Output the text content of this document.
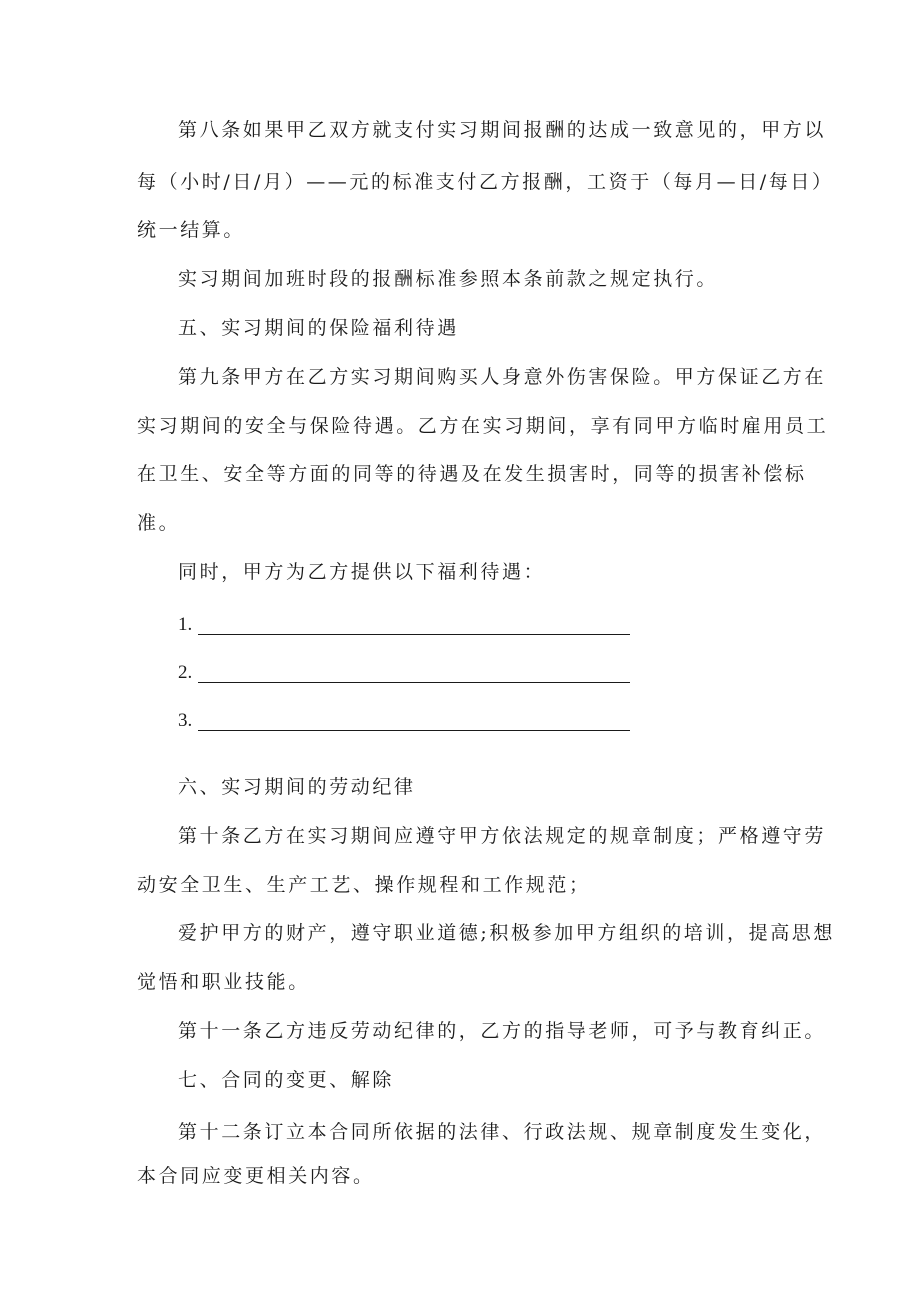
第八条如果甲乙双方就支付实习期间报酬的达成一致意见的，甲方以
每（小时/日/月）——元的标准支付乙方报酬，工资于（每月—日/每日）
统一结算。
实习期间加班时段的报酬标准参照本条前款之规定执行。
五、实习期间的保险福利待遇
第九条甲方在乙方实习期间购买人身意外伤害保险。甲方保证乙方在
实习期间的安全与保险待遇。乙方在实习期间，享有同甲方临时雇用员工
在卫生、安全等方面的同等的待遇及在发生损害时，同等的损害补偿标
准。
同时，甲方为乙方提供以下福利待遇：
1.
2.
3.
六、实习期间的劳动纪律
第十条乙方在实习期间应遵守甲方依法规定的规章制度；严格遵守劳
动安全卫生、生产工艺、操作规程和工作规范；
爱护甲方的财产，遵守职业道德;积极参加甲方组织的培训，提高思想
觉悟和职业技能。
第十一条乙方违反劳动纪律的，乙方的指导老师，可予与教育纠正。
七、合同的变更、解除
第十二条订立本合同所依据的法律、行政法规、规章制度发生变化，
本合同应变更相关内容。
